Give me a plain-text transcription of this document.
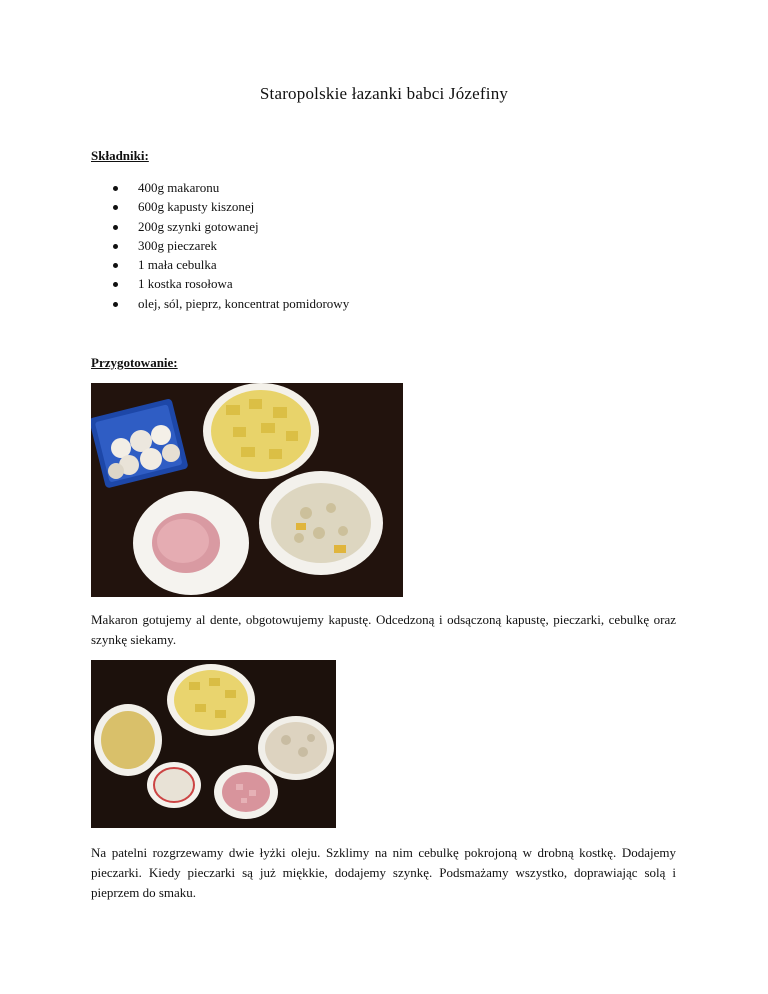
Staropolskie łazanki babci Józefiny
Składniki:
400g makaronu
600g kapusty kiszonej
200g szynki gotowanej
300g pieczarek
1 mała cebulka
1 kostka rosołowa
olej, sól, pieprz, koncentrat pomidorowy
Przygotowanie:

Makaron gotujemy al dente, obgotowujemy kapustę. Odcedzoną i odsączoną kapustę, pieczarki, cebulkę oraz szynkę siekamy.

Na patelni rozgrzewamy dwie łyżki oleju. Szklimy na nim cebulkę pokrojoną w drobną kostkę. Dodajemy pieczarki. Kiedy pieczarki są już miękkie, dodajemy szynkę. Podsmażamy wszystko, doprawiając solą i pieprzem do smaku.
